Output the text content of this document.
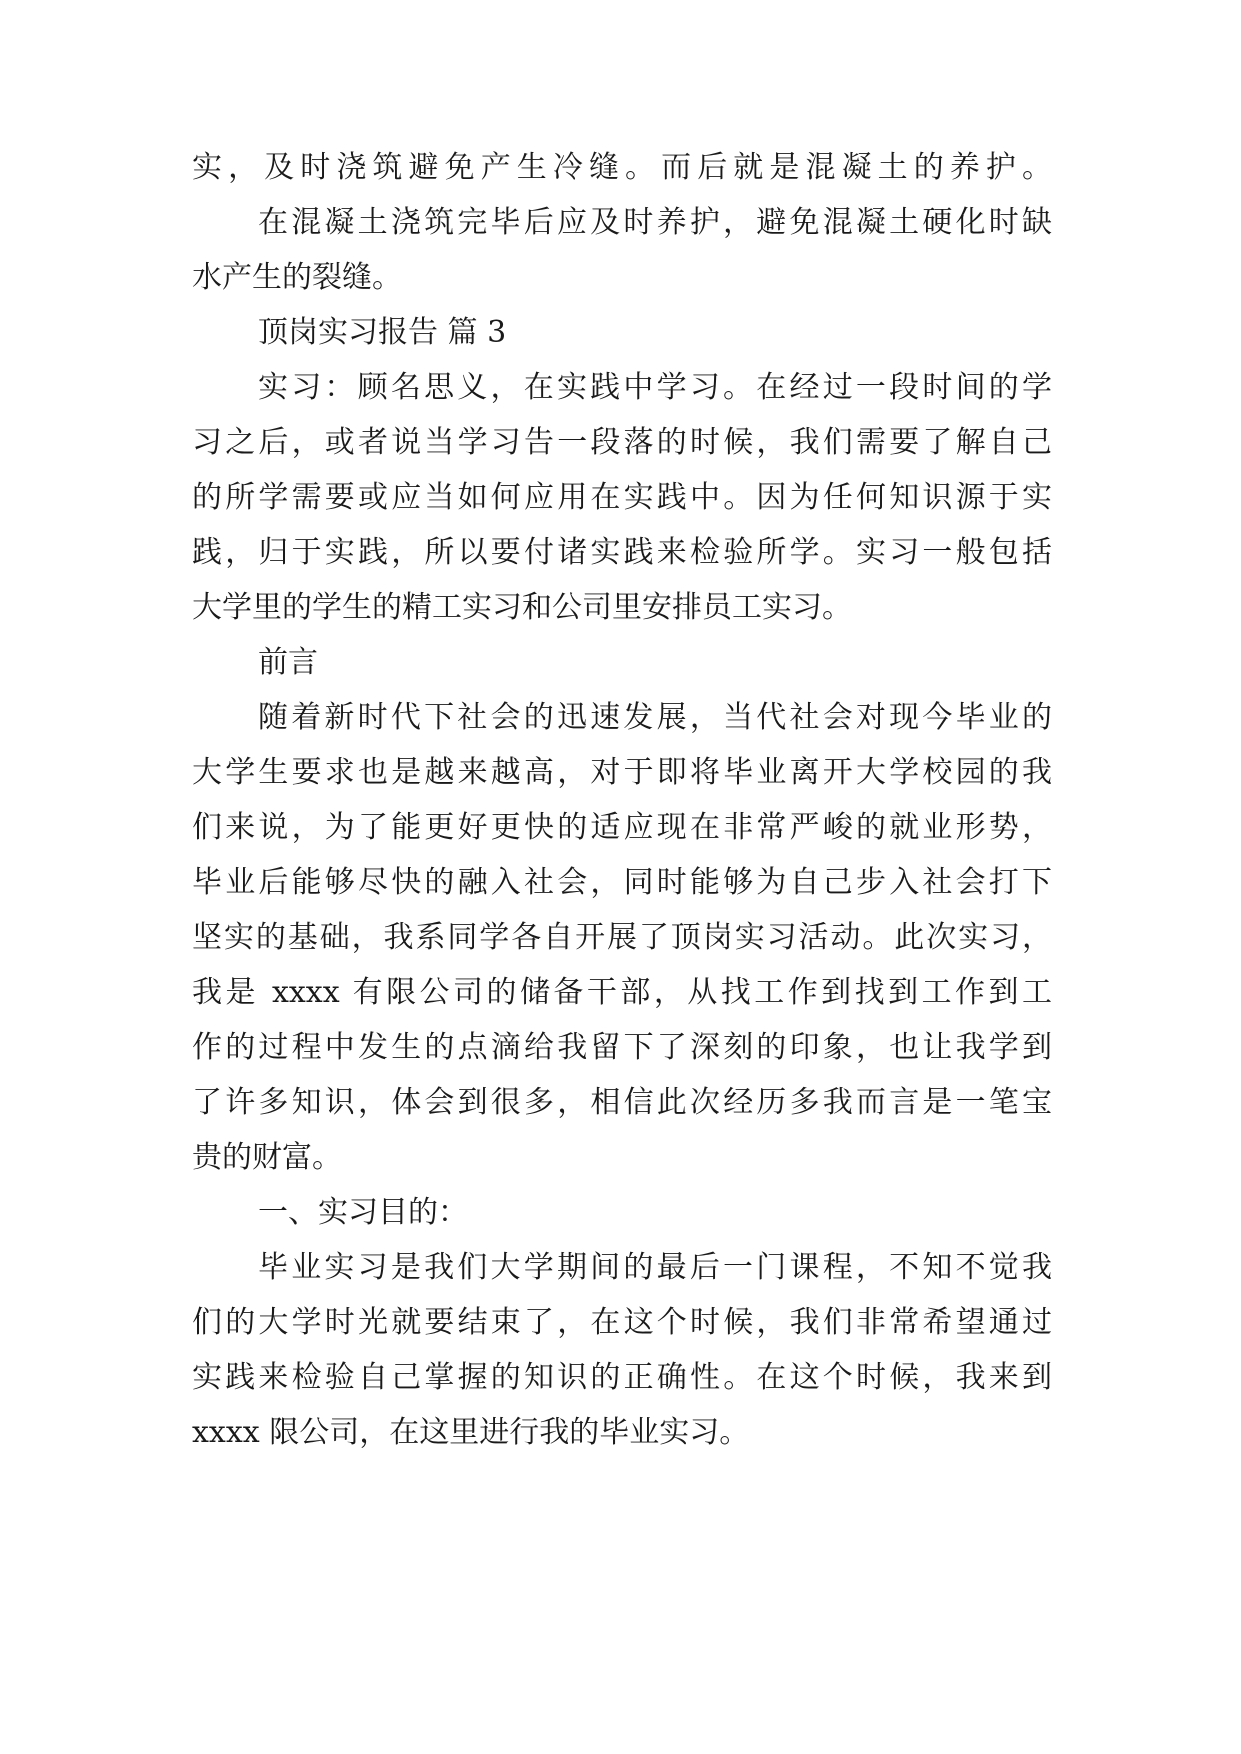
实，及时浇筑避免产生冷缝。而后就是混凝土的养护。
在混凝土浇筑完毕后应及时养护，避免混凝土硬化时缺
水产生的裂缝。
顶岗实习报告 篇 3
实习：顾名思义，在实践中学习。在经过一段时间的学
习之后，或者说当学习告一段落的时候，我们需要了解自己
的所学需要或应当如何应用在实践中。因为任何知识源于实
践，归于实践，所以要付诸实践来检验所学。实习一般包括
大学里的学生的精工实习和公司里安排员工实习。
前言
随着新时代下社会的迅速发展，当代社会对现今毕业的
大学生要求也是越来越高，对于即将毕业离开大学校园的我
们来说，为了能更好更快的适应现在非常严峻的就业形势，
毕业后能够尽快的融入社会，同时能够为自己步入社会打下
坚实的基础，我系同学各自开展了顶岗实习活动。此次实习，
我是 xxxx 有限公司的储备干部，从找工作到找到工作到工
作的过程中发生的点滴给我留下了深刻的印象，也让我学到
了许多知识，体会到很多，相信此次经历多我而言是一笔宝
贵的财富。
一、实习目的：
毕业实习是我们大学期间的最后一门课程，不知不觉我
们的大学时光就要结束了，在这个时候，我们非常希望通过
实践来检验自己掌握的知识的正确性。在这个时候，我来到
xxxx 限公司，在这里进行我的毕业实习。
